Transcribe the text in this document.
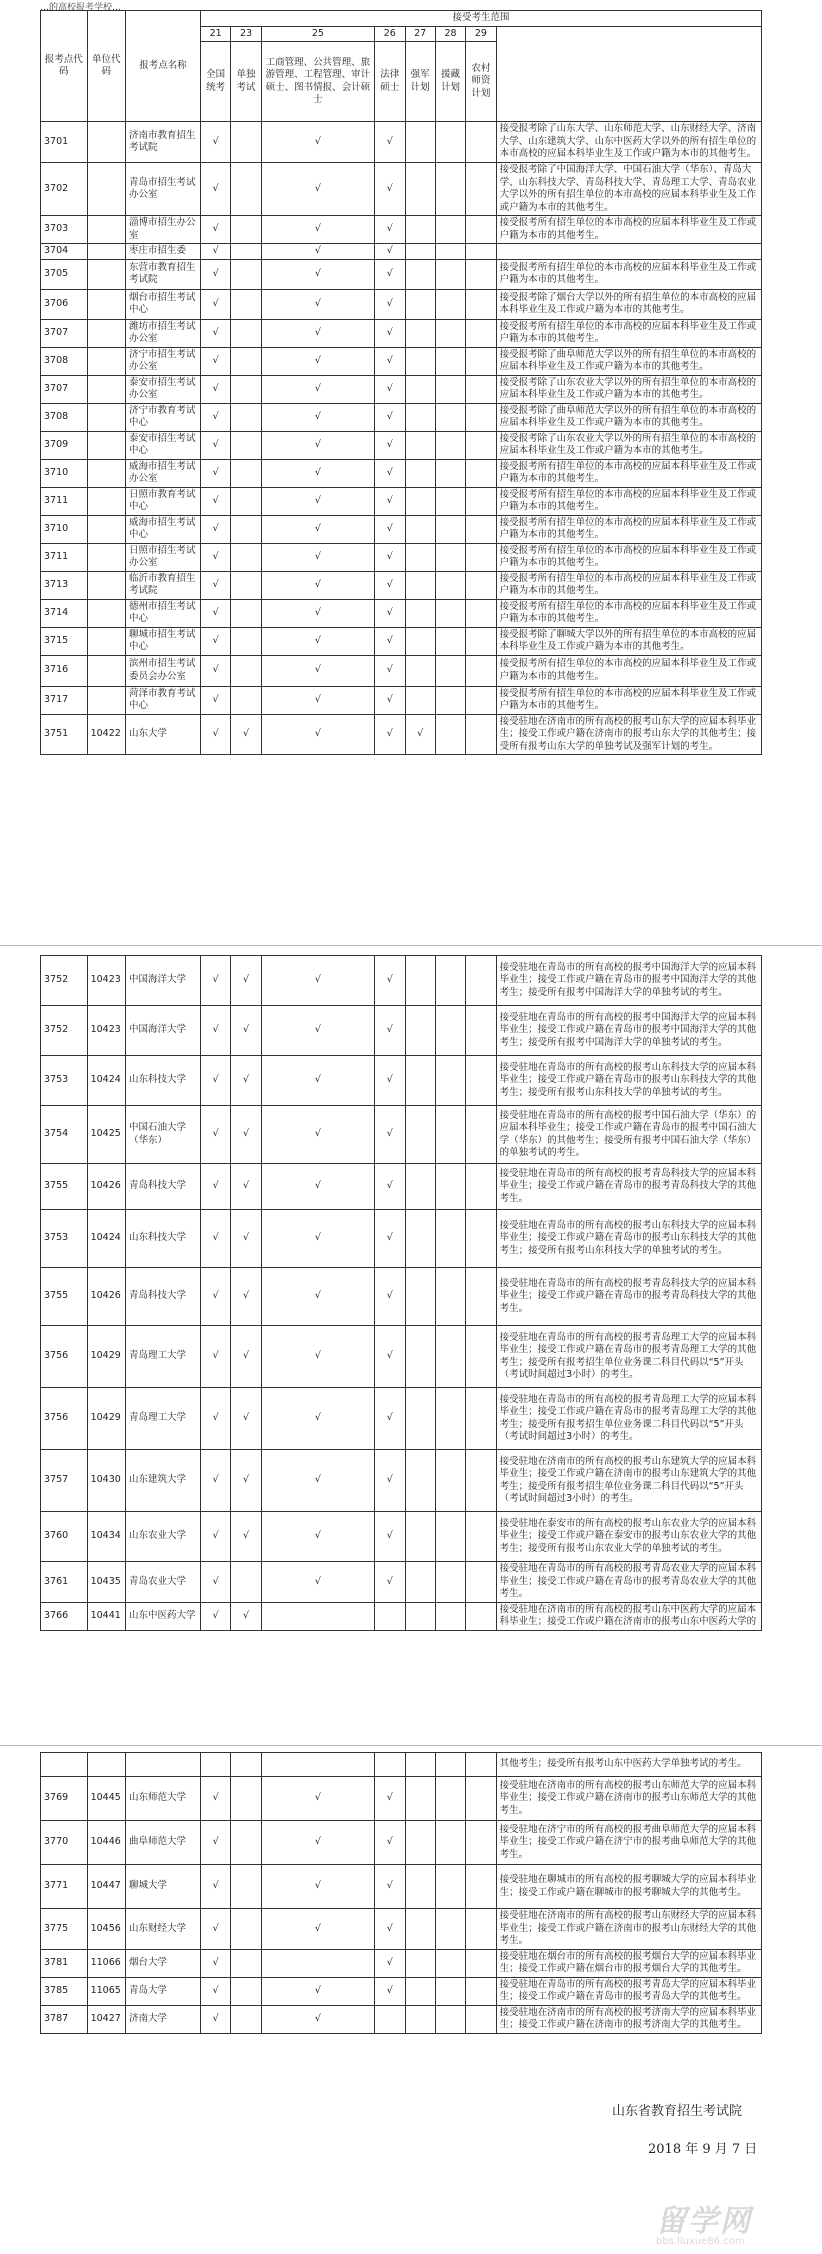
…的高校报考学校…
报考点代码	单位代码	报考点名称	接受考生范围							
			21	23	25	26	27	28	29	
			全国统考	单独考试	工商管理、公共管理、旅游管理、工程管理、审计硕士、图书情报、会计硕士	法律硕士	强军计划	援藏计划	农村师资计划	
3701		济南市教育招生考试院	√		√	√				接受报考除了山东大学、山东师范大学、山东财经大学、济南大学、山东建筑大学、山东中医药大学以外的所有招生单位的本市高校的应届本科毕业生及工作或户籍为本市的其他考生。
3702		青岛市招生考试办公室	√		√	√				接受报考除了中国海洋大学、中国石油大学（华东）、青岛大学、山东科技大学、青岛科技大学、青岛理工大学、青岛农业大学以外的所有招生单位的本市高校的应届本科毕业生及工作或户籍为本市的其他考生。
3703		淄博市招生办公室	√		√	√				接受报考所有招生单位的本市高校的应届本科毕业生及工作或户籍为本市的其他考生。
3704		枣庄市招生委	√		√	√				
3705		东营市教育招生考试院	√		√	√				接受报考所有招生单位的本市高校的应届本科毕业生及工作或户籍为本市的其他考生。
3706		烟台市招生考试中心	√		√	√				接受报考除了烟台大学以外的所有招生单位的本市高校的应届本科毕业生及工作或户籍为本市的其他考生。
3707		潍坊市招生考试办公室	√		√	√				接受报考所有招生单位的本市高校的应届本科毕业生及工作或户籍为本市的其他考生。
3708		济宁市招生考试办公室	√		√	√				接受报考除了曲阜师范大学以外的所有招生单位的本市高校的应届本科毕业生及工作或户籍为本市的其他考生。
3707		泰安市招生考试办公室	√		√	√				接受报考除了山东农业大学以外的所有招生单位的本市高校的应届本科毕业生及工作或户籍为本市的其他考生。
3708		济宁市教育考试中心	√		√	√				接受报考除了曲阜师范大学以外的所有招生单位的本市高校的应届本科毕业生及工作或户籍为本市的其他考生。
3709		泰安市招生考试中心	√		√	√				接受报考除了山东农业大学以外的所有招生单位的本市高校的应届本科毕业生及工作或户籍为本市的其他考生。
3710		威海市招生考试办公室	√		√	√				接受报考所有招生单位的本市高校的应届本科毕业生及工作或户籍为本市的其他考生。
3711		日照市教育考试中心	√		√	√				接受报考所有招生单位的本市高校的应届本科毕业生及工作或户籍为本市的其他考生。
3710		威海市招生考试中心	√		√	√				接受报考所有招生单位的本市高校的应届本科毕业生及工作或户籍为本市的其他考生。
3711		日照市招生考试办公室	√		√	√				接受报考所有招生单位的本市高校的应届本科毕业生及工作或户籍为本市的其他考生。
3713		临沂市教育招生考试院	√		√	√				接受报考所有招生单位的本市高校的应届本科毕业生及工作或户籍为本市的其他考生。
3714		德州市招生考试中心	√		√	√				接受报考所有招生单位的本市高校的应届本科毕业生及工作或户籍为本市的其他考生。
3715		聊城市招生考试中心	√		√	√				接受报考除了聊城大学以外的所有招生单位的本市高校的应届本科毕业生及工作或户籍为本市的其他考生。
3716		滨州市招生考试委员会办公室	√		√	√				接受报考所有招生单位的本市高校的应届本科毕业生及工作或户籍为本市的其他考生。
3717		菏泽市教育考试中心	√		√	√				接受报考所有招生单位的本市高校的应届本科毕业生及工作或户籍为本市的其他考生。
3751	10422	山东大学	√	√	√	√	√			接受驻地在济南市的所有高校的报考山东大学的应届本科毕业生；接受工作或户籍在济南市的报考山东大学的其他考生；接受所有报考山东大学的单独考试及强军计划的考生。
3752	10423	中国海洋大学	√	√	√	√				接受驻地在青岛市的所有高校的报考中国海洋大学的应届本科毕业生；接受工作或户籍在青岛市的报考中国海洋大学的其他考生；接受所有报考中国海洋大学的单独考试的考生。
3752	10423	中国海洋大学	√	√	√	√				接受驻地在青岛市的所有高校的报考中国海洋大学的应届本科毕业生；接受工作或户籍在青岛市的报考中国海洋大学的其他考生；接受所有报考中国海洋大学的单独考试的考生。
3753	10424	山东科技大学	√	√	√	√				接受驻地在青岛市的所有高校的报考山东科技大学的应届本科毕业生；接受工作或户籍在青岛市的报考山东科技大学的其他考生；接受所有报考山东科技大学的单独考试的考生。
3754	10425	中国石油大学（华东）	√	√	√	√				接受驻地在青岛市的所有高校的报考中国石油大学（华东）的应届本科毕业生；接受工作或户籍在青岛市的报考中国石油大学（华东）的其他考生；接受所有报考中国石油大学（华东）的单独考试的考生。
3755	10426	青岛科技大学	√	√	√	√				接受驻地在青岛市的所有高校的报考青岛科技大学的应届本科毕业生；接受工作或户籍在青岛市的报考青岛科技大学的其他考生。
3753	10424	山东科技大学	√	√	√	√				接受驻地在青岛市的所有高校的报考山东科技大学的应届本科毕业生；接受工作或户籍在青岛市的报考山东科技大学的其他考生；接受所有报考山东科技大学的单独考试的考生。
3755	10426	青岛科技大学	√	√	√	√				接受驻地在青岛市的所有高校的报考青岛科技大学的应届本科毕业生；接受工作或户籍在青岛市的报考青岛科技大学的其他考生。
3756	10429	青岛理工大学	√	√	√	√				接受驻地在青岛市的所有高校的报考青岛理工大学的应届本科毕业生；接受工作或户籍在青岛市的报考青岛理工大学的其他考生；接受所有报考招生单位业务课二科目代码以“5”开头（考试时间超过3小时）的考生。
3756	10429	青岛理工大学	√	√	√	√				接受驻地在青岛市的所有高校的报考青岛理工大学的应届本科毕业生；接受工作或户籍在青岛市的报考青岛理工大学的其他考生；接受所有报考招生单位业务课二科目代码以“5”开头（考试时间超过3小时）的考生。
3757	10430	山东建筑大学	√	√	√	√				接受驻地在济南市的所有高校的报考山东建筑大学的应届本科毕业生；接受工作或户籍在济南市的报考山东建筑大学的其他考生；接受所有报考招生单位业务课二科目代码以“5”开头（考试时间超过3小时）的考生。
3760	10434	山东农业大学	√	√	√	√				接受驻地在泰安市的所有高校的报考山东农业大学的应届本科毕业生；接受工作或户籍在泰安市的报考山东农业大学的其他考生；接受所有报考山东农业大学的单独考试的考生。
3761	10435	青岛农业大学	√		√	√				接受驻地在青岛市的所有高校的报考青岛农业大学的应届本科毕业生；接受工作或户籍在青岛市的报考青岛农业大学的其他考生。
3766	10441	山东中医药大学	√	√						接受驻地在济南市的所有高校的报考山东中医药大学的应届本科毕业生；接受工作或户籍在济南市的报考山东中医药大学的
										其他考生；接受所有报考山东中医药大学单独考试的考生。
3769	10445	山东师范大学	√		√	√				接受驻地在济南市的所有高校的报考山东师范大学的应届本科毕业生；接受工作或户籍在济南市的报考山东师范大学的其他考生。
3770	10446	曲阜师范大学	√		√	√				接受驻地在济宁市的所有高校的报考曲阜师范大学的应届本科毕业生；接受工作或户籍在济宁市的报考曲阜师范大学的其他考生。
3771	10447	聊城大学	√		√	√				接受驻地在聊城市的所有高校的报考聊城大学的应届本科毕业生；接受工作或户籍在聊城市的报考聊城大学的其他考生。
3775	10456	山东财经大学	√		√	√				接受驻地在济南市的所有高校的报考山东财经大学的应届本科毕业生；接受工作或户籍在济南市的报考山东财经大学的其他考生。
3781	11066	烟台大学	√			√				接受驻地在烟台市的所有高校的报考烟台大学的应届本科毕业生；接受工作或户籍在烟台市的报考烟台大学的其他考生。
3785	11065	青岛大学	√		√	√				接受驻地在青岛市的所有高校的报考青岛大学的应届本科毕业生；接受工作或户籍在青岛市的报考青岛大学的其他考生。
3787	10427	济南大学	√		√					接受驻地在济南市的所有高校的报考济南大学的应届本科毕业生；接受工作或户籍在济南市的报考济南大学的其他考生。
山东省教育招生考试院
2018 年 9 月 7 日
留学网
bbs.liuxue86.com
